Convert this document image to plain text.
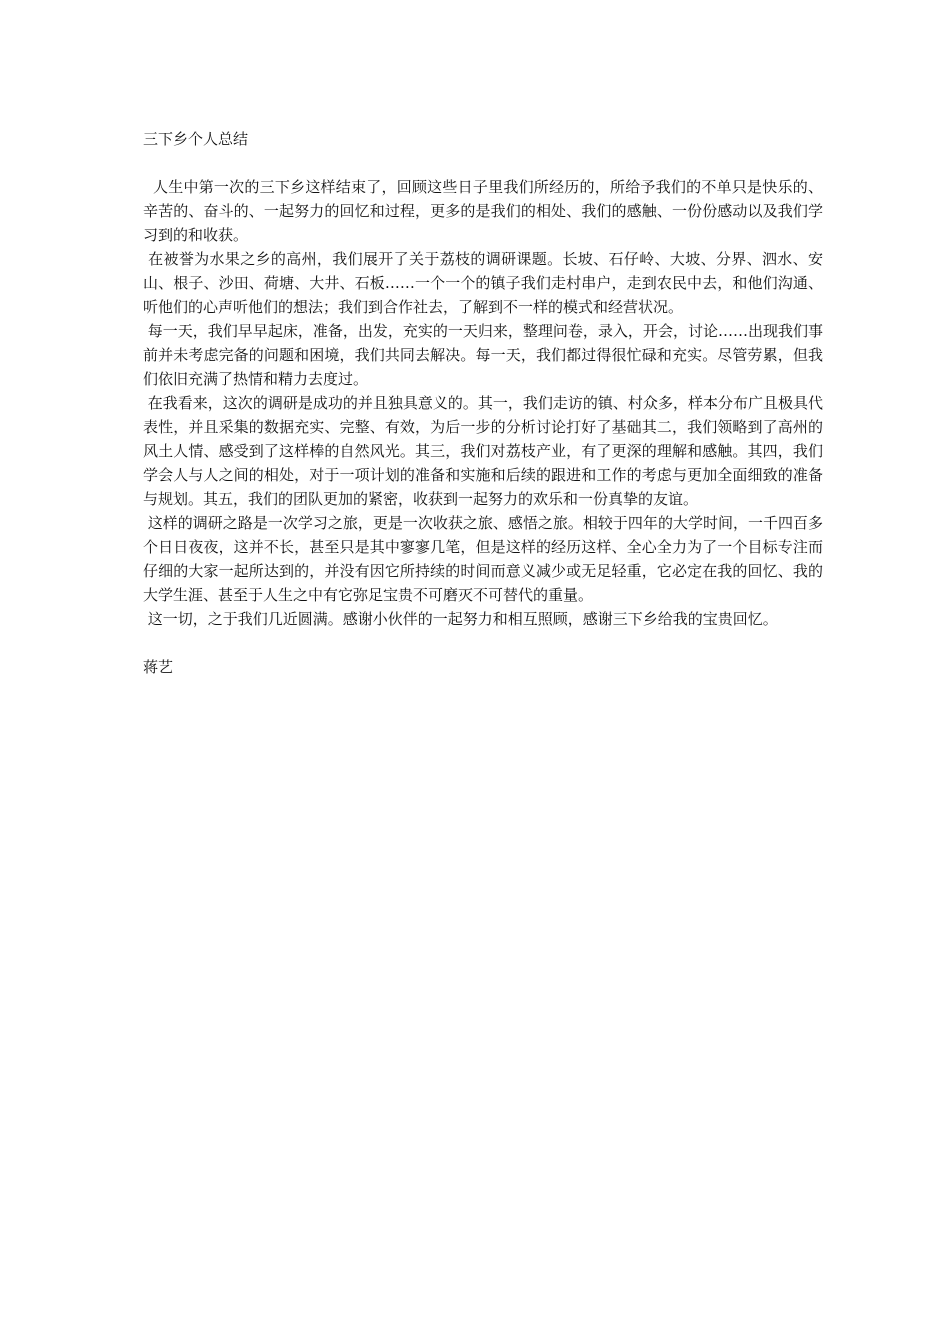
三下乡个人总结

人生中第一次的三下乡这样结束了，回顾这些日子里我们所经历的，所给予我们的不单只是快乐的、辛苦的、奋斗的、一起努力的回忆和过程，更多的是我们的相处、我们的感触、一份份感动以及我们学习到的和收获。

在被誉为水果之乡的高州，我们展开了关于荔枝的调研课题。长坡、石仔岭、大坡、分界、泗水、安山、根子、沙田、荷塘、大井、石板……一个一个的镇子我们走村串户，走到农民中去，和他们沟通、听他们的心声听他们的想法；我们到合作社去，了解到不一样的模式和经营状况。

每一天，我们早早起床，准备，出发，充实的一天归来，整理问卷，录入，开会，讨论……出现我们事前并未考虑完备的问题和困境，我们共同去解决。每一天，我们都过得很忙碌和充实。尽管劳累，但我们依旧充满了热情和精力去度过。

在我看来，这次的调研是成功的并且独具意义的。其一，我们走访的镇、村众多，样本分布广且极具代表性，并且采集的数据充实、完整、有效，为后一步的分析讨论打好了基础其二，我们领略到了高州的风土人情、感受到了这样棒的自然风光。其三，我们对荔枝产业，有了更深的理解和感触。其四，我们学会人与人之间的相处，对于一项计划的准备和实施和后续的跟进和工作的考虑与更加全面细致的准备与规划。其五，我们的团队更加的紧密，收获到一起努力的欢乐和一份真挚的友谊。

这样的调研之路是一次学习之旅，更是一次收获之旅、感悟之旅。相较于四年的大学时间，一千四百多个日日夜夜，这并不长，甚至只是其中寥寥几笔，但是这样的经历这样、全心全力为了一个目标专注而仔细的大家一起所达到的，并没有因它所持续的时间而意义减少或无足轻重，它必定在我的回忆、我的大学生涯、甚至于人生之中有它弥足宝贵不可磨灭不可替代的重量。

这一切，之于我们几近圆满。感谢小伙伴的一起努力和相互照顾，感谢三下乡给我的宝贵回忆。

蒋艺
